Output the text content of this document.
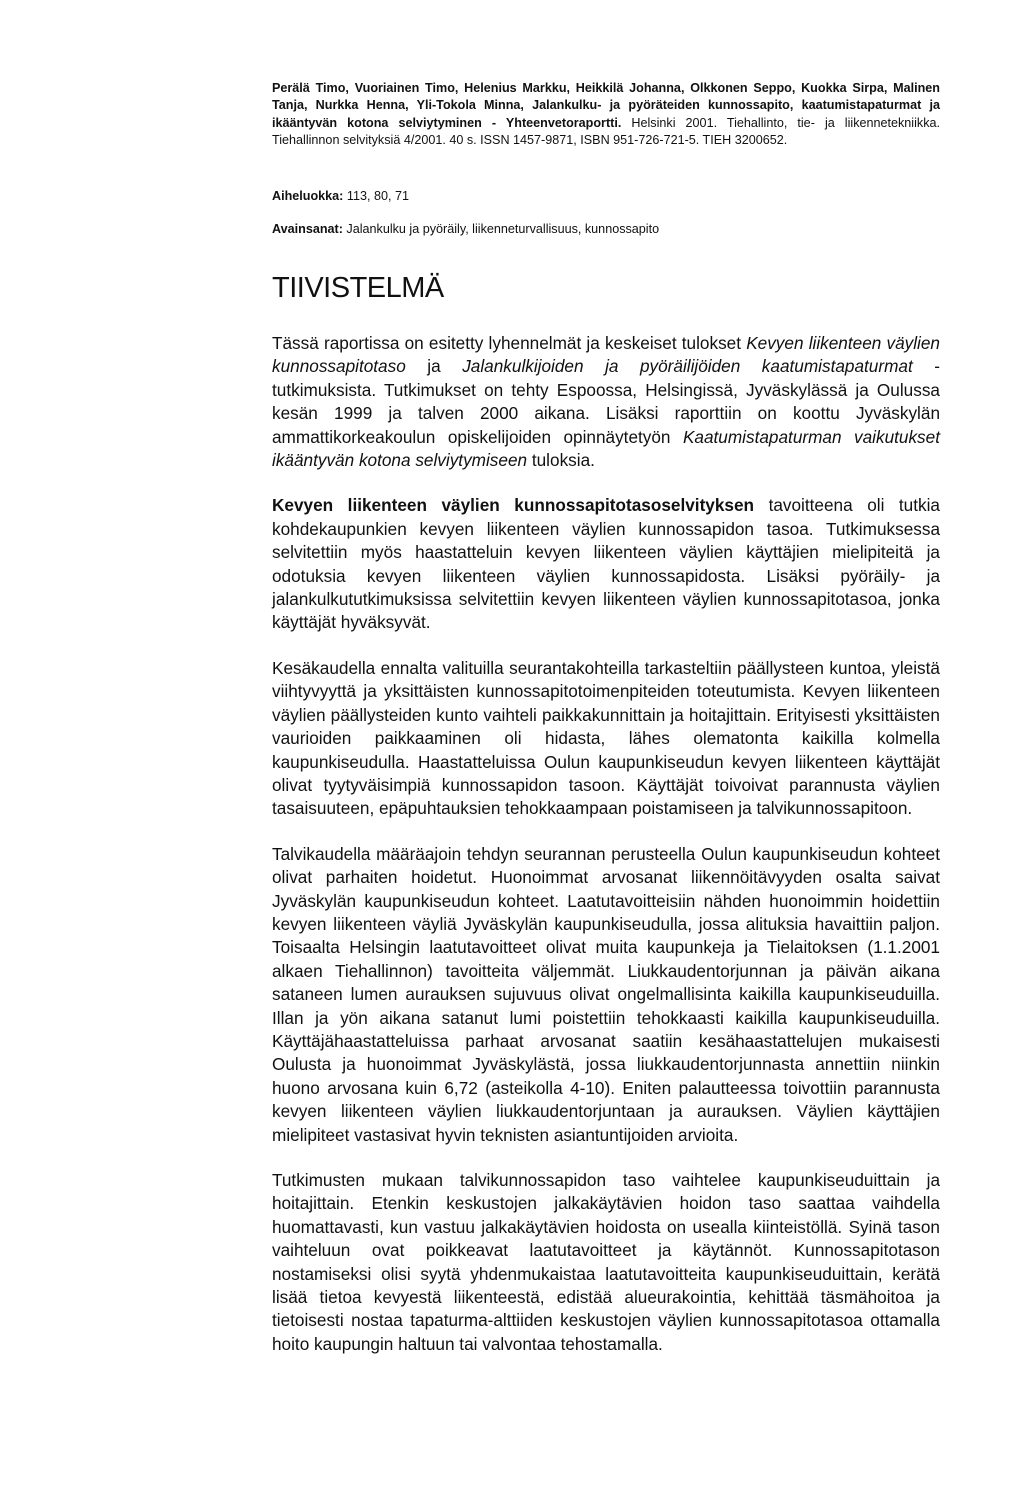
Perälä Timo, Vuoriainen Timo, Helenius Markku, Heikkilä Johanna, Olkkonen Seppo, Kuokka Sirpa, Malinen Tanja, Nurkka Henna, Yli-Tokola Minna, Jalankulku- ja pyöräteiden kunnossapito, kaatumistapaturmat ja ikääntyvän kotona selviytyminen - Yhteenvetoraportti. Helsinki 2001. Tiehallinto, tie- ja liikennetekniikka. Tiehallinnon selvityksiä 4/2001. 40 s. ISSN 1457-9871, ISBN 951-726-721-5. TIEH 3200652.
Aiheluokka: 113, 80, 71
Avainsanat: Jalankulku ja pyöräily, liikenneturvallisuus, kunnossapito
TIIVISTELMÄ

Tässä raportissa on esitetty lyhennelmät ja keskeiset tulokset Kevyen liikenteen väylien kunnossapitotaso ja Jalankulkijoiden ja pyöräilijöiden kaatumistapaturmat -tutkimuksista. Tutkimukset on tehty Espoossa, Helsingissä, Jyväskylässä ja Oulussa kesän 1999 ja talven 2000 aikana. Lisäksi raporttiin on koottu Jyväskylän ammattikorkeakoulun opiskelijoiden opinnäytetyön Kaatumistapaturman vaikutukset ikääntyvän kotona selviytymiseen tuloksia.

Kevyen liikenteen väylien kunnossapitotasoselvityksen tavoitteena oli tutkia kohdekaupunkien kevyen liikenteen väylien kunnossapidon tasoa. Tutkimuksessa selvitettiin myös haastatteluin kevyen liikenteen väylien käyttäjien mielipiteitä ja odotuksia kevyen liikenteen väylien kunnossapidosta. Lisäksi pyöräily- ja jalankulkututkimuksissa selvitettiin kevyen liikenteen väylien kunnossapitotasoa, jonka käyttäjät hyväksyvät.

Kesäkaudella ennalta valituilla seurantakohteilla tarkasteltiin päällysteen kuntoa, yleistä viihtyvyyttä ja yksittäisten kunnossapitotoimenpiteiden toteutumista. Kevyen liikenteen väylien päällysteiden kunto vaihteli paikkakunnittain ja hoitajittain. Erityisesti yksittäisten vaurioiden paikkaaminen oli hidasta, lähes olematonta kaikilla kolmella kaupunkiseudulla. Haastatteluissa Oulun kaupunkiseudun kevyen liikenteen käyttäjät olivat tyytyväisimpiä kunnossapidon tasoon. Käyttäjät toivoivat parannusta väylien tasaisuuteen, epäpuhtauksien tehokkaampaan poistamiseen ja talvikunnossapitoon.

Talvikaudella määräajoin tehdyn seurannan perusteella Oulun kaupunkiseudun kohteet olivat parhaiten hoidetut. Huonoimmat arvosanat liikennöitävyyden osalta saivat Jyväskylän kaupunkiseudun kohteet. Laatutavoitteisiin nähden huonoimmin hoidettiin kevyen liikenteen väyliä Jyväskylän kaupunkiseudulla, jossa alituksia havaittiin paljon. Toisaalta Helsingin laatutavoitteet olivat muita kaupunkeja ja Tielaitoksen (1.1.2001 alkaen Tiehallinnon) tavoitteita väljemmät. Liukkaudentorjunnan ja päivän aikana sataneen lumen aurauksen sujuvuus olivat ongelmallisinta kaikilla kaupunkiseuduilla. Illan ja yön aikana satanut lumi poistettiin tehokkaasti kaikilla kaupunkiseuduilla. Käyttäjähaastatteluissa parhaat arvosanat saatiin kesähaastattelujen mukaisesti Oulusta ja huonoimmat Jyväskylästä, jossa liukkaudentorjunnasta annettiin niinkin huono arvosana kuin 6,72 (asteikolla 4-10). Eniten palautteessa toivottiin parannusta kevyen liikenteen väylien liukkaudentorjuntaan ja aurauksen. Väylien käyttäjien mielipiteet vastasivat hyvin teknisten asiantuntijoiden arvioita.

Tutkimusten mukaan talvikunnossapidon taso vaihtelee kaupunkiseuduittain ja hoitajittain. Etenkin keskustojen jalkakäytävien hoidon taso saattaa vaihdella huomattavasti, kun vastuu jalkakäytävien hoidosta on usealla kiinteistöllä. Syinä tason vaihteluun ovat poikkeavat laatutavoitteet ja käytännöt. Kunnossapitotason nostamiseksi olisi syytä yhdenmukaistaa laatutavoitteita kaupunkiseuduittain, kerätä lisää tietoa kevyestä liikenteestä, edistää alueurakointia, kehittää täsmähoitoa ja tietoisesti nostaa tapaturma-alttiiden keskustojen väylien kunnossapitotasoa ottamalla hoito kaupungin haltuun tai valvontaa tehostamalla.
